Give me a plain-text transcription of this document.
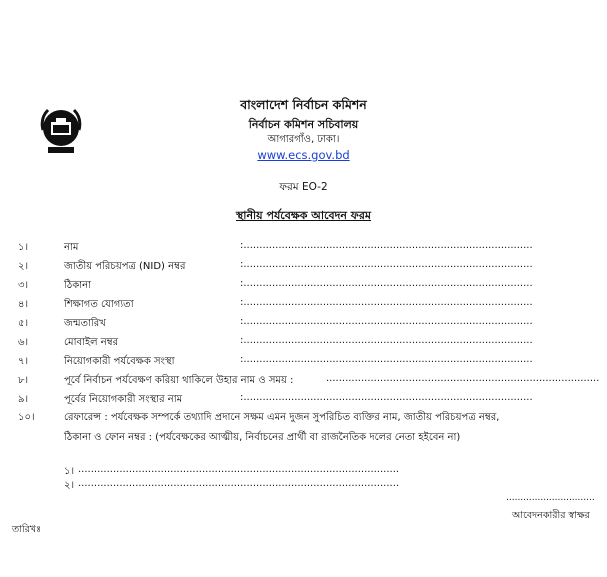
বাংলাদেশ নির্বাচন কমিশন
নির্বাচন কমিশন সচিবালয়
আগারগাঁও, ঢাকা।
www.ecs.gov.bd
ফরম EO-2
স্থানীয় পর্যবেক্ষক আবেদন ফরম
১।	নাম	:...........................................................................................
২।	জাতীয় পরিচয়পত্র (NID) নম্বর	:...........................................................................................
৩।	ঠিকানা	:...........................................................................................
৪।	শিক্ষাগত যোগ্যতা	:...........................................................................................
৫।	জন্মতারিখ	:...........................................................................................
৬।	মোবাইল নম্বর	:...........................................................................................
৭।	নিয়োগকারী পর্যবেক্ষক সংস্থা	:...........................................................................................
৮।	পূর্বে নির্বাচন পর্যবেক্ষণ করিয়া থাকিলে উহার নাম ও সময় :	......................................................................................
৯।	পূর্বের নিয়োগকারী সংস্থার নাম	:...........................................................................................
১০।	রেফারেন্স : পর্যবেক্ষক সম্পর্কে তথ্যাদি প্রদানে সক্ষম এমন দুজন সুপরিচিত ব্যক্তির নাম, জাতীয় পরিচয়পত্র নম্বর,
ঠিকানা ও ফোন নম্বর : (পর্যবেক্ষকের আত্মীয়, নির্বাচনের প্রার্থী বা রাজনৈতিক দলের নেতা হইবেন না)
১। .....................................................................................................
২। .....................................................................................................
...............................
আবেদনকারীর স্বাক্ষর
তারিখঃ
